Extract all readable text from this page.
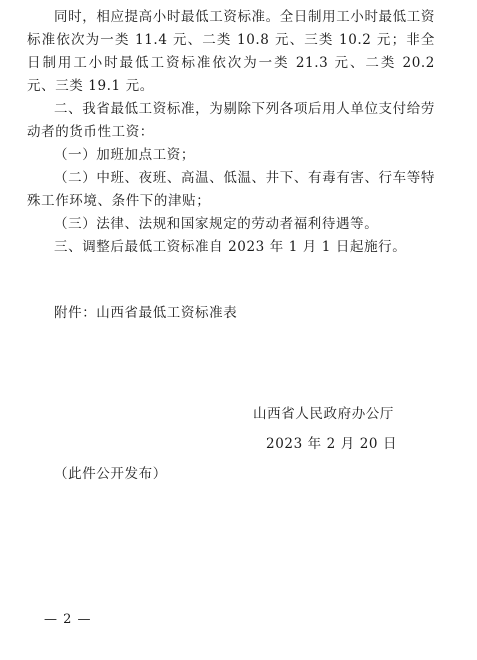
同时，相应提高小时最低工资标准。全日制用工小时最低工资标准依次为一类 11.4 元、二类 10.8 元、三类 10.2 元；非全日制用工小时最低工资标准依次为一类 21.3 元、二类 20.2 元、三类 19.1 元。

二、我省最低工资标准，为剔除下列各项后用人单位支付给劳动者的货币性工资：

（一）加班加点工资；

（二）中班、夜班、高温、低温、井下、有毒有害、行车等特殊工作环境、条件下的津贴；

（三）法律、法规和国家规定的劳动者福利待遇等。

三、调整后最低工资标准自 2023 年 1 月 1 日起施行。

附件：山西省最低工资标准表

山西省人民政府办公厅
2023 年 2 月 20 日
（此件公开发布）
— 2 —
